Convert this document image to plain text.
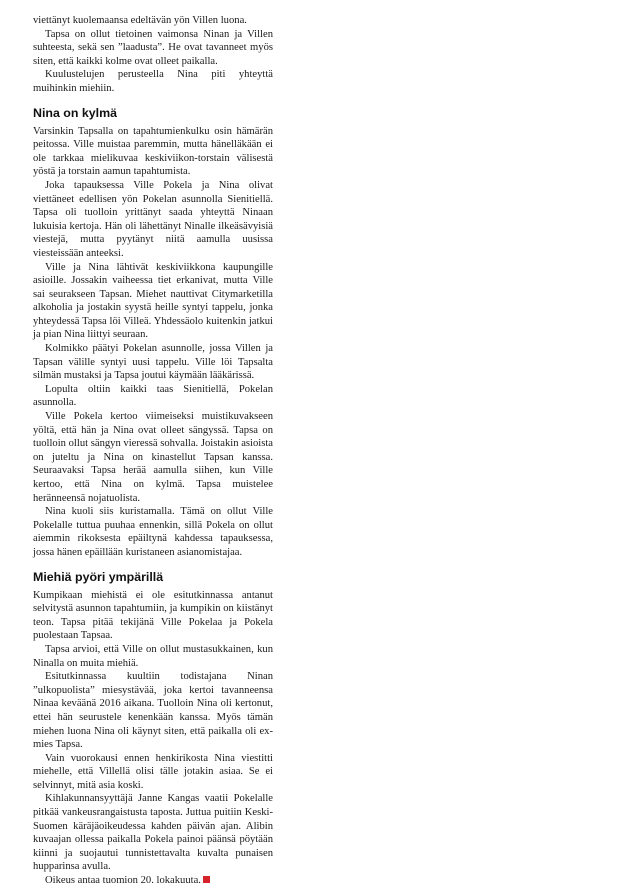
viettänyt kuolemaansa edeltävän yön Villen luona.

Tapsa on ollut tietoinen vaimonsa Ninan ja Villen suhteesta, sekä sen ”laadusta”. He ovat tavanneet myös siten, että kaikki kolme ovat olleet paikalla.

Kuulustelujen perusteella Nina piti yhteyttä muihinkin miehiin.

Nina on kylmä

Varsinkin Tapsalla on tapahtumienkulku osin hämärän peitossa. Ville muistaa paremmin, mutta hänelläkään ei ole tarkkaa mielikuvaa keskiviikon-torstain välisestä yöstä ja torstain aamun tapahtumista.

Joka tapauksessa Ville Pokela ja Nina olivat viettäneet edellisen yön Pokelan asunnolla Sienitiellä. Tapsa oli tuolloin yrittänyt saada yhteyttä Ninaan lukuisia kertoja. Hän oli lähettänyt Ninalle ilkeäsävyisiä viestejä, mutta pyytänyt niitä aamulla uusissa viesteissään anteeksi.

Ville ja Nina lähtivät keskiviikkona kaupungille asioille. Jossakin vaiheessa tiet erkanivat, mutta Ville sai seurakseen Tapsan. Miehet nauttivat Citymarketilla alkoholia ja jostakin syystä heille syntyi tappelu, jonka yhteydessä Tapsa löi Villeä. Yhdessäolo kuitenkin jatkui ja pian Nina liittyi seuraan.

Kolmikko päätyi Pokelan asunnolle, jossa Villen ja Tapsan välille syntyi uusi tappelu. Ville löi Tapsalta silmän mustaksi ja Tapsa joutui käymään lääkärissä.

Lopulta oltiin kaikki taas Sienitiellä, Pokelan asunnolla.

Ville Pokela kertoo viimeiseksi muistikuvakseen yöltä, että hän ja Nina ovat olleet sängyssä. Tapsa on tuolloin ollut sängyn vieressä sohvalla. Joistakin asioista on juteltu ja Nina on kinastellut Tapsan kanssa. Seuraavaksi Tapsa herää aamulla siihen, kun Ville kertoo, että Nina on kylmä. Tapsa muistelee heränneensä nojatuolista.

Nina kuoli siis kuristamalla. Tämä on ollut Ville Pokelalle tuttua puuhaa ennenkin, sillä Pokela on ollut aiemmin rikoksesta epäiltynä kahdessa tapauksessa, jossa hänen epäillään kuristaneen asianomistajaa.

Miehiä pyöri ympärillä

Kumpikaan miehistä ei ole esitutkinnassa antanut selvitystä asunnon tapahtumiin, ja kumpikin on kiistänyt teon. Tapsa pitää tekijänä Ville Pokelaa ja Pokela puolestaan Tapsaa.

Tapsa arvioi, että Ville on ollut mustasukkainen, kun Ninalla on muita miehiä.

Esitutkinnassa kuultiin todistajana Ninan ”ulkopuolista” miesystävää, joka kertoi tavanneensa Ninaa keväänä 2016 aikana. Tuolloin Nina oli kertonut, ettei hän seurustele kenenkään kanssa. Myös tämän miehen luona Nina oli käynyt siten, että paikalla oli ex-mies Tapsa.

Vain vuorokausi ennen henkirikosta Nina viestitti miehelle, että Villellä olisi tälle jotakin asiaa. Se ei selvinnyt, mitä asia koski.

Kihlakunnansyyttäjä Janne Kangas vaatii Pokelalle pitkää vankeusrangaistusta taposta. Juttua puitiin Keski-Suomen käräjäoikeudessa kahden päivän ajan. Alibin kuvaajan ollessa paikalla Pokela painoi päänsä pöytään kiinni ja suojautui tunnistettavalta kuvalta punaisen hupparinsa avulla.

Oikeus antaa tuomion 20. lokakuuta.
